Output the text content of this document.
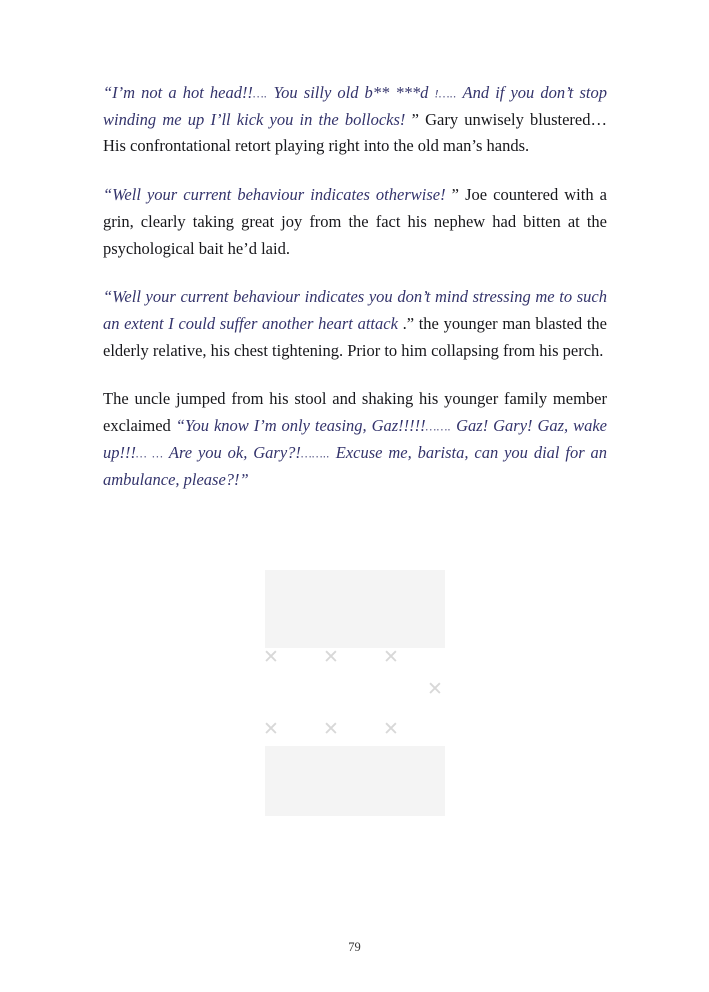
“I’m not a hot head!!…. You silly old b** ***d !….. And if you don’t stop winding me up I’ll kick you in the bollocks! ” Gary unwisely blustered… His confrontational retort playing right into the old man’s hands.

“Well your current behaviour indicates otherwise! ” Joe countered with a grin, clearly taking great joy from the fact his nephew had bitten at the psychological bait he’d laid.

“Well your current behaviour indicates you don’t mind stressing me to such an extent I could suffer another heart attack .” the younger man blasted the elderly relative, his chest tightening. Prior to him collapsing from his perch.

The uncle jumped from his stool and shaking his younger family member exclaimed “You know I’m only teasing, Gaz!!!!!……. Gaz! Gary! Gaz, wake up!!!… … Are you ok, Gary?!…….. Excuse me, barista, can you dial for an ambulance, please?!”

✕ ✕ ✕
✕
✕ ✕ ✕
79
